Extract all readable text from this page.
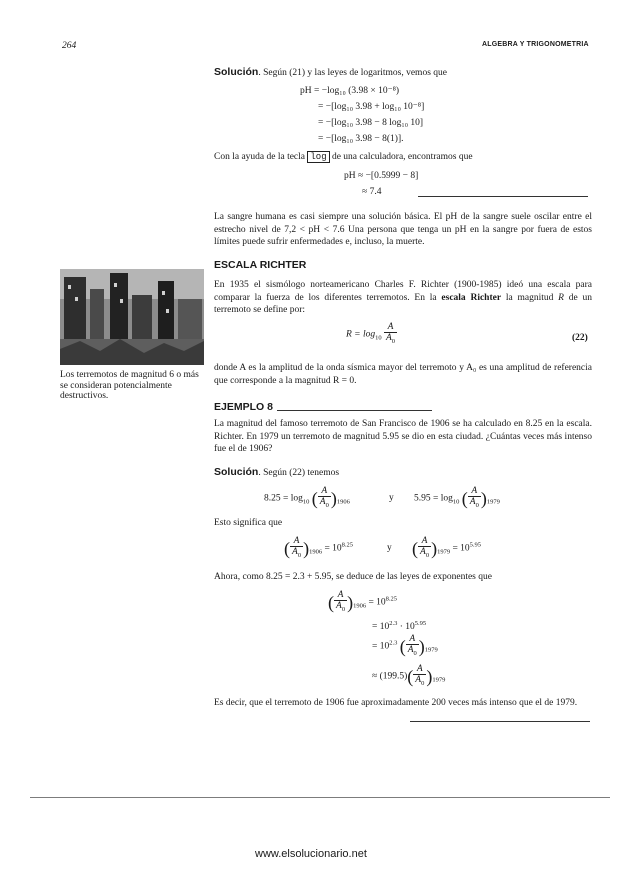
264	ALGEBRA Y TRIGONOMETRIA
Solución. Según (21) y las leyes de logaritmos, vemos que
pH = −log₁₀ (3.98 × 10⁻⁸)
= −[log₁₀ 3.98 + log₁₀ 10⁻⁸]
= −[log₁₀ 3.98 − 8 log₁₀ 10]
= −[log₁₀ 3.98 − 8(1)].
Con la ayuda de la tecla log de una calculadora, encontramos que
pH ≈ −[0.5999 − 8]
≈ 7.4
La sangre humana es casi siempre una solución básica. El pH de la sangre suele oscilar entre el estrecho nivel de 7,2 < pH < 7.6 Una persona que tenga un pH en la sangre por fuera de estos límites puede sufrir enfermedades e, incluso, la muerte.
ESCALA RICHTER
En 1935 el sismólogo norteamericano Charles F. Richter (1900-1985) ideó una escala para comparar la fuerza de los diferentes terremotos. En la escala Richter la magnitud R de un terremoto se define por:
$R = \log_{10} \frac{A}{A_0}$	(22)
donde A es la amplitud de la onda sísmica mayor del terremoto y A₀ es una amplitud de referencia que corresponde a la magnitud R = 0.
Los terremotos de magnitud 6 o más se consideran potencialmente destructivos.
EJEMPLO 8
La magnitud del famoso terremoto de San Francisco de 1906 se ha calculado en 8.25 en la escala. Richter. En 1979 un terremoto de magnitud 5.95 se dio en esta ciudad. ¿Cuántas veces más intenso fue el de 1906?
Solución. Según (22) tenemos
$8.25 = \log_{10}$ ( $\frac{A}{A_0} )_{1906}$	y $5.95 = \log_{10}$ ( $\frac{A}{A_0} )_{1979}$
Esto significa que
( $\frac{A}{A_0} )_{1906} = 10^{8.25}$	y ( $\frac{A}{A_0} )_{1979} = 10^{5.95}$
Ahora, como 8.25 = 2.3 + 5.95, se deduce de las leyes de exponentes que
( $\frac{A}{A_0} )_{1906} = 10^{8.25}$
= $10^{2.3} \cdot 10^{5.95}$
= $10^{2.3}$ ( $\frac{A}{A_0} )_{1979}$
≈ $(199.5)( \frac{A}{A_0} )_{1979}$
Es decir, que el terremoto de 1906 fue aproximadamente 200 veces más intenso que el de 1979.
www.elsolucionario.net
